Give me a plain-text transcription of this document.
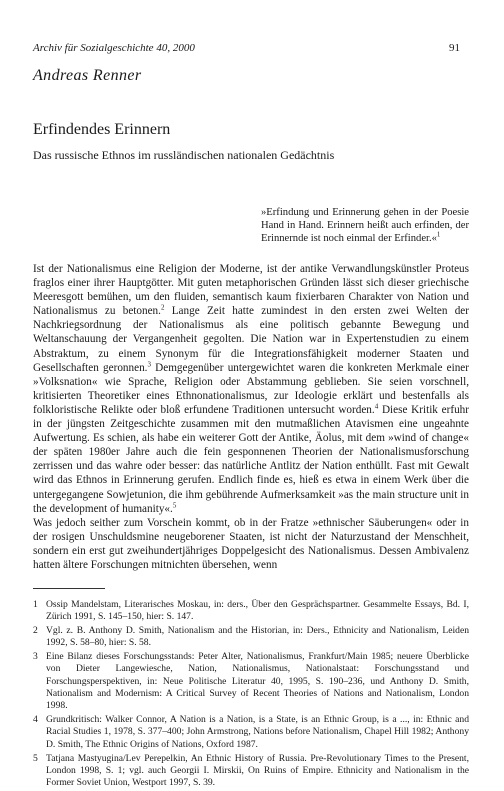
Archiv für Sozialgeschichte 40, 2000	91
Andreas Renner
Erfindendes Erinnern
Das russische Ethnos im russländischen nationalen Gedächtnis
»Erfindung und Erinnerung gehen in der Poesie Hand in Hand. Erinnern heißt auch erfinden, der Erinnernde ist noch einmal der Erfinder.«$^1$

Ist der Nationalismus eine Religion der Moderne, ist der antike Verwandlungskünstler Proteus fraglos einer ihrer Hauptgötter. Mit guten metaphorischen Gründen lässt sich dieser griechische Meeresgott bemühen, um den fluiden, semantisch kaum fixierbaren Charakter von Nation und Nationalismus zu betonen.$^2$ Lange Zeit hatte zumindest in den ersten zwei Welten der Nachkriegsordnung der Nationalismus als eine politisch gebannte Bewegung und Weltanschauung der Vergangenheit gegolten. Die Nation war in Expertenstudien zu einem Abstraktum, zu einem Synonym für die Integrationsfähigkeit moderner Staaten und Gesellschaften geronnen.$^3$ Demgegenüber untergewichtet waren die konkreten Merkmale einer »Volksnation« wie Sprache, Religion oder Abstammung geblieben. Sie seien vorschnell, kritisierten Theoretiker eines Ethnonationalismus, zur Ideologie erklärt und bestenfalls als folkloristische Relikte oder bloß erfundene Traditionen untersucht worden.$^4$ Diese Kritik erfuhr in der jüngsten Zeitgeschichte zusammen mit den mutmaßlichen Atavismen eine ungeahnte Aufwertung. Es schien, als habe ein weiterer Gott der Antike, Äolus, mit dem »wind of change« der späten 1980er Jahre auch die fein gesponnenen Theorien der Nationalismusforschung zerrissen und das wahre oder besser: das natürliche Antlitz der Nation enthüllt. Fast mit Gewalt wird das Ethnos in Erinnerung gerufen. Endlich finde es, hieß es etwa in einem Werk über die untergegangene Sowjetunion, die ihm gebührende Aufmerksamkeit »as the main structure unit in the development of humanity«.$^5$

Was jedoch seither zum Vorschein kommt, ob in der Fratze »ethnischer Säuberungen« oder in der rosigen Unschuldsmine neugeborener Staaten, ist nicht der Naturzustand der Menschheit, sondern ein erst gut zweihundertjähriges Doppelgesicht des Nationalismus. Dessen Ambivalenz hatten ältere Forschungen mitnichten übersehen, wenn

1 Ossip Mandelstam, Literarisches Moskau, in: ders., Über den Gesprächspartner. Gesammelte Essays, Bd. I, Zürich 1991, S. 145–150, hier: S. 147.
2 Vgl. z. B. Anthony D. Smith, Nationalism and the Historian, in: Ders., Ethnicity and Nationalism, Leiden 1992, S. 58–80, hier: S. 58.
3 Eine Bilanz dieses Forschungsstands: Peter Alter, Nationalismus, Frankfurt/Main 1985; neuere Überblicke von Dieter Langewiesche, Nation, Nationalismus, Nationalstaat: Forschungsstand und Forschungsperspektiven, in: Neue Politische Literatur 40, 1995, S. 190–236, und Anthony D. Smith, Nationalism and Modernism: A Critical Survey of Recent Theories of Nations and Nationalism, London 1998.
4 Grundkritisch: Walker Connor, A Nation is a Nation, is a State, is an Ethnic Group, is a ..., in: Ethnic and Racial Studies 1, 1978, S. 377–400; John Armstrong, Nations before Nationalism, Chapel Hill 1982; Anthony D. Smith, The Ethnic Origins of Nations, Oxford 1987.
5 Tatjana Mastyugina/Lev Perepelkin, An Ethnic History of Russia. Pre-Revolutionary Times to the Present, London 1998, S. 1; vgl. auch Georgii I. Mirskii, On Ruins of Empire. Ethnicity and Nationalism in the Former Soviet Union, Westport 1997, S. 39.
